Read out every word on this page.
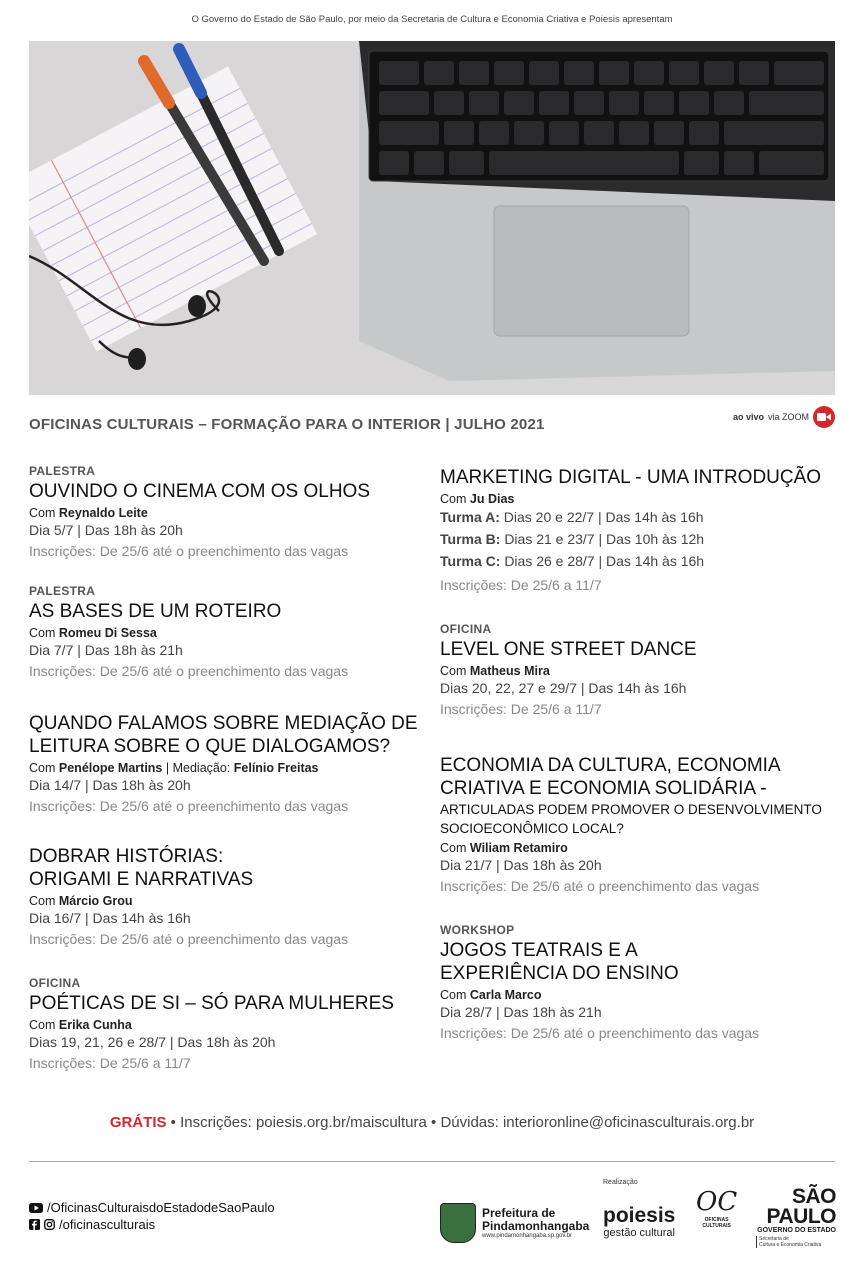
O Governo do Estado de São Paulo, por meio da Secretaria de Cultura e Economia Criativa e Poiesis apresentam
OFICINAS CULTURAIS – FORMAÇÃO PARA O INTERIOR | JULHO 2021	ao vivo via ZOOM
PALESTRA
OUVINDO O CINEMA COM OS OLHOS
Com Reynaldo Leite
Dia 5/7 | Das 18h às 20h
Inscrições: De 25/6 até o preenchimento das vagas
PALESTRA
AS BASES DE UM ROTEIRO
Com Romeu Di Sessa
Dia 7/7 | Das 18h às 21h
Inscrições: De 25/6 até o preenchimento das vagas
QUANDO FALAMOS SOBRE MEDIAÇÃO DE
LEITURA SOBRE O QUE DIALOGAMOS?
Com Penélope Martins | Mediação: Felínio Freitas
Dia 14/7 | Das 18h às 20h
Inscrições: De 25/6 até o preenchimento das vagas
DOBRAR HISTÓRIAS:
ORIGAMI E NARRATIVAS
Com Márcio Grou
Dia 16/7 | Das 14h às 16h
Inscrições: De 25/6 até o preenchimento das vagas
OFICINA
POÉTICAS DE SI – SÓ PARA MULHERES
Com Erika Cunha
Dias 19, 21, 26 e 28/7 | Das 18h às 20h
Inscrições: De 25/6 a 11/7
MARKETING DIGITAL - UMA INTRODUÇÃO
Com Ju Dias
Turma A: Dias 20 e 22/7 | Das 14h às 16h
Turma B: Dias 21 e 23/7 | Das 10h às 12h
Turma C: Dias 26 e 28/7 | Das 14h às 16h
Inscrições: De 25/6 a 11/7
OFICINA
LEVEL ONE STREET DANCE
Com Matheus Mira
Dias 20, 22, 27 e 29/7 | Das 14h às 16h
Inscrições: De 25/6 a 11/7
ECONOMIA DA CULTURA, ECONOMIA
CRIATIVA E ECONOMIA SOLIDÁRIA -
ARTICULADAS PODEM PROMOVER O DESENVOLVIMENTO
SOCIOECONÔMICO LOCAL?
Com Wiliam Retamiro
Dia 21/7 | Das 18h às 20h
Inscrições: De 25/6 até o preenchimento das vagas
WORKSHOP
JOGOS TEATRAIS E A
EXPERIÊNCIA DO ENSINO
Com Carla Marco
Dia 28/7 | Das 18h às 21h
Inscrições: De 25/6 até o preenchimento das vagas
GRÁTIS • Inscrições: poiesis.org.br/maiscultura • Dúvidas: interioronline@oficinasculturais.org.br
/OficinasCulturaisdoEstadodeSaoPaulo
/oficinasculturais
Prefeitura de
Pindamonhangaba
www.pindamonhangaba.sp.gov.br
Realização
poiesis
gestão cultural
OC
OFICINAS
CULTURAIS
SÃO
PAULO
GOVERNO DO ESTADO
Secretaria de
Cultura e Economia Criativa
